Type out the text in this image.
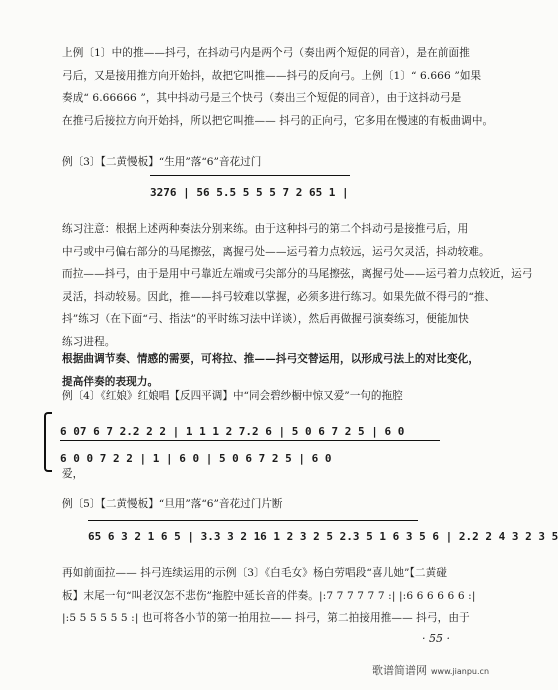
上例〔1〕中的推——抖弓，在抖动弓内是两个弓（奏出两个短促的同音），是在前面推
弓后，又是接用推方向开始抖，故把它叫推——抖弓的反向弓。上例〔1〕“ 6.666 ”如果
奏成“ 6.66666 ”，其中抖动弓是三个快弓（奏出三个短促的同音），由于这抖动弓是
在推弓后接拉方向开始抖，所以把它叫推—— 抖弓的正向弓，它多用在慢速的有板曲调中。

例〔3〕【二黄慢板】“生用”落“6”音花过门
3276 | 56 5.5 5 5 5 7 2 65 1 |

练习注意：根据上述两种奏法分别来练。由于这种抖弓的第二个抖动弓是接推弓后，用
中弓或中弓偏右部分的马尾擦弦，离握弓处——运弓着力点较远，运弓欠灵活，抖动较难。
而拉——抖弓，由于是用中弓靠近左端或弓尖部分的马尾擦弦，离握弓处——运弓着力点较近，运弓
灵活，抖动较易。因此，推——抖弓较难以掌握，必须多进行练习。如果先做不得弓的“推、
抖”练习（在下面“弓、指法”的平时练习法中详谈），然后再做握弓演奏练习，便能加快
练习进程。

根据曲调节奏、情感的需要，可将拉、推——抖弓交替运用，以形成弓法上的对比变化，
提高伴奏的表现力。

例〔4〕《红娘》红娘唱【反四平调】中“同会碧纱橱中惊又爱”一句的拖腔
6 07 6 7 2.2 2 2 | 1 1 1 2 7.2 6 | 5 0 6 7 2 5 | 6 0
6 0 0 7 2 2 | 1 | 6 0 | 5 0 6 7 2 5 | 6 0
爱，
例〔5〕【二黄慢板】“旦用”落“6”音花过门片断
65 6 3 2 1 6 5 | 3.3 3 2 16 1 2 3 2 5 2.3 5 1 6 3 5 6 | 2.2 2 4 3 2 3 5

再如前面拉—— 抖弓连续运用的示例〔3〕《白毛女》杨白劳唱段“喜儿她”【二黄碰
板】末尾一句“叫老汉怎不悲伤”拖腔中延长音的伴奏。|:7 7 7 7 7 7 :| |:6 6 6 6 6 6 :|
|:5 5 5 5 5 5 :| 也可将各小节的第一拍用拉—— 抖弓，第二拍接用推—— 抖弓，由于

· 55 ·
歌谱简谱网 www.jianpu.cn
